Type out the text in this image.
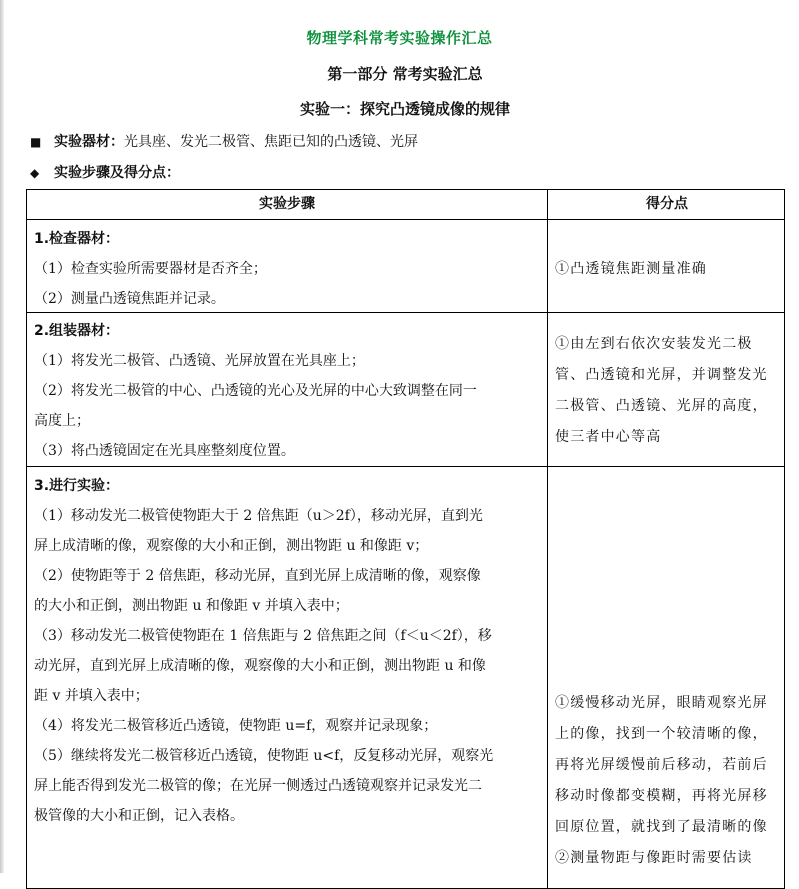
物理学科常考实验操作汇总
第一部分 常考实验汇总
实验一：探究凸透镜成像的规律
■ 实验器材：光具座、发光二极管、焦距已知的凸透镜、光屏
◆ 实验步骤及得分点：
实验步骤	得分点
1.检查器材：
（1）检查实验所需要器材是否齐全；
（2）测量凸透镜焦距并记录。
①凸透镜焦距测量准确
2.组装器材：
（1）将发光二极管、凸透镜、光屏放置在光具座上；
（2）将发光二极管的中心、凸透镜的光心及光屏的中心大致调整在同一
高度上；
（3）将凸透镜固定在光具座整刻度位置。
①由左到右依次安装发光二极
管、凸透镜和光屏，并调整发光
二极管、凸透镜、光屏的高度，
使三者中心等高
3.进行实验：
（1）移动发光二极管使物距大于 2 倍焦距（u＞2f），移动光屏，直到光
屏上成清晰的像，观察像的大小和正倒，测出物距 u 和像距 v；
（2）使物距等于 2 倍焦距，移动光屏，直到光屏上成清晰的像，观察像
的大小和正倒，测出物距 u 和像距 v 并填入表中；
（3）移动发光二极管使物距在 1 倍焦距与 2 倍焦距之间（f＜u＜2f），移
动光屏，直到光屏上成清晰的像，观察像的大小和正倒，测出物距 u 和像
距 v 并填入表中；
（4）将发光二极管移近凸透镜，使物距 u=f，观察并记录现象；
（5）继续将发光二极管移近凸透镜，使物距 u<f，反复移动光屏，观察光
屏上能否得到发光二极管的像；在光屏一侧透过凸透镜观察并记录发光二
极管像的大小和正倒，记入表格。
①缓慢移动光屏，眼睛观察光屏
上的像，找到一个较清晰的像，
再将光屏缓慢前后移动，若前后
移动时像都变模糊，再将光屏移
回原位置，就找到了最清晰的像
②测量物距与像距时需要估读
